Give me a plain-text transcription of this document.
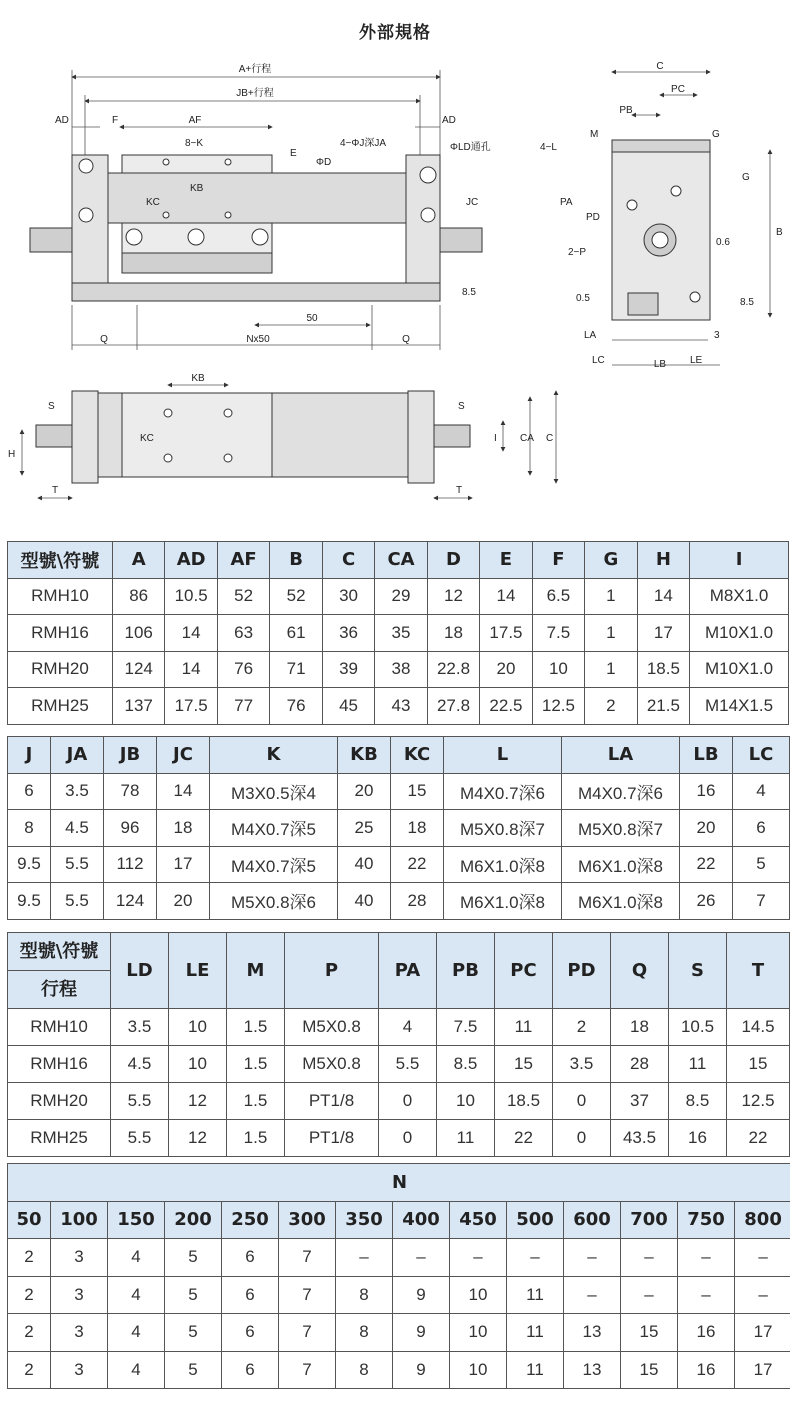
外部規格
A+行程
JB+行程
AD	F	AF	AD
8−K
E
ΦD
4−ΦJ深JA	ΦLD通孔
KC
KB
JC
8.5
Q	Nx50	Q
50
C
PC
PB
M	G
4−L
G
PA
PD
2−P
B
0.6
0.5	8.5
3
LA
LC	LB LE
KB
S	S
KC
H
I CA C
T	T
型號\符號	A	AD	AF	B	C	CA	D	E	F	G	H	I
RMH10	86	10.5	52	52	30	29	12	14	6.5	1	14	M8X1.0
RMH16	106	14	63	61	36	35	18	17.5	7.5	1	17	M10X1.0
RMH20	124	14	76	71	39	38	22.8	20	10	1	18.5	M10X1.0
RMH25	137	17.5	77	76	45	43	27.8	22.5	12.5	2	21.5	M14X1.5
J	JA	JB	JC	K	KB	KC	L	LA	LB	LC
6	3.5	78	14	M3X0.5深4	20	15	M4X0.7深6	M4X0.7深6	16	4
8	4.5	96	18	M4X0.7深5	25	18	M5X0.8深7	M5X0.8深7	20	6
9.5	5.5	112	17	M4X0.7深5	40	22	M6X1.0深8	M6X1.0深8	22	5
9.5	5.5	124	20	M5X0.8深6	40	28	M6X1.0深8	M6X1.0深8	26	7
型號\符號
行程	LD	LE	M	P	PA	PB	PC	PD	Q	S	T
RMH10	3.5	10	1.5	M5X0.8	4	7.5	11	2	18	10.5	14.5
RMH16	4.5	10	1.5	M5X0.8	5.5	8.5	15	3.5	28	11	15
RMH20	5.5	12	1.5	PT1/8	0	10	18.5	0	37	8.5	12.5
RMH25	5.5	12	1.5	PT1/8	0	11	22	0	43.5	16	22
N													
50	100	150	200	250	300	350	400	450	500	600	700	750	800
2	3	4	5	6	7	–	–	–	–	–	–	–	–
2	3	4	5	6	7	8	9	10	11	–	–	–	–
2	3	4	5	6	7	8	9	10	11	13	15	16	17
2	3	4	5	6	7	8	9	10	11	13	15	16	17
